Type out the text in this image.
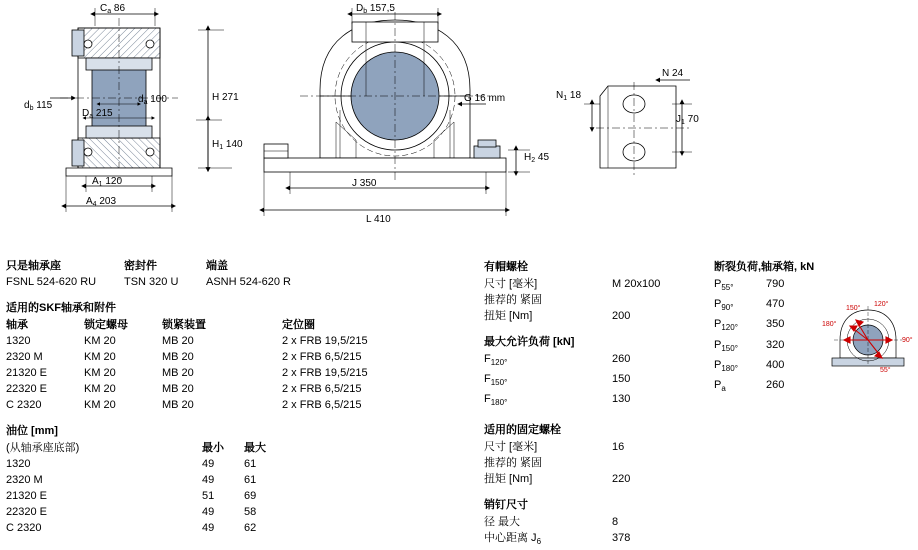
$C_a$ 86
$d_b$ 115
$d_a$ 100
$D_a$ 215
H 271
$H_1$ 140
$A_1$ 120
$A_4$ 203
$D_b$ 157,5
G 16 mm
$H_2$ 45
J 350
L 410
$N_1$ 18
N 24
$J_1$ 70
只是轴承座	密封件	端盖
FSNL 524-620 RU	TSN 320 U	ASNH 524-620 R
适用的SKF轴承和附件
轴承	锁定螺母	锁紧装置	定位圈
1320	KM 20	MB 20	2 x FRB 19,5/215
2320 M	KM 20	MB 20	2 x FRB 6,5/215
21320 E	KM 20	MB 20	2 x FRB 19,5/215
22320 E	KM 20	MB 20	2 x FRB 6,5/215
C 2320	KM 20	MB 20	2 x FRB 6,5/215
油位 [mm]
(从轴承座底部)	最小	最大
1320	49	61
2320 M	49	61
21320 E	51	69
22320 E	49	58
C 2320	49	62
有帽螺栓
尺寸 [毫米]	M 20x100
推荐的 紧固
扭矩 [Nm]	200
最大允许负荷 [kN]
$F_{120^\circ}$	260
$F_{150^\circ}$	150
$F_{180^\circ}$	130
适用的固定螺栓
尺寸 [毫米]	16
推荐的 紧固
扭矩 [Nm]	220
销钉尺寸
径 最大	8
中心距离 $J_6$	378
断裂负荷,轴承箱, kN
$P_{55^\circ}$	790
$P_{90^\circ}$	470
$P_{120^\circ}$	350
$P_{150^\circ}$	320
$P_{180^\circ}$	400
$P_a$	260
180°
150°
120°
90°
55°
